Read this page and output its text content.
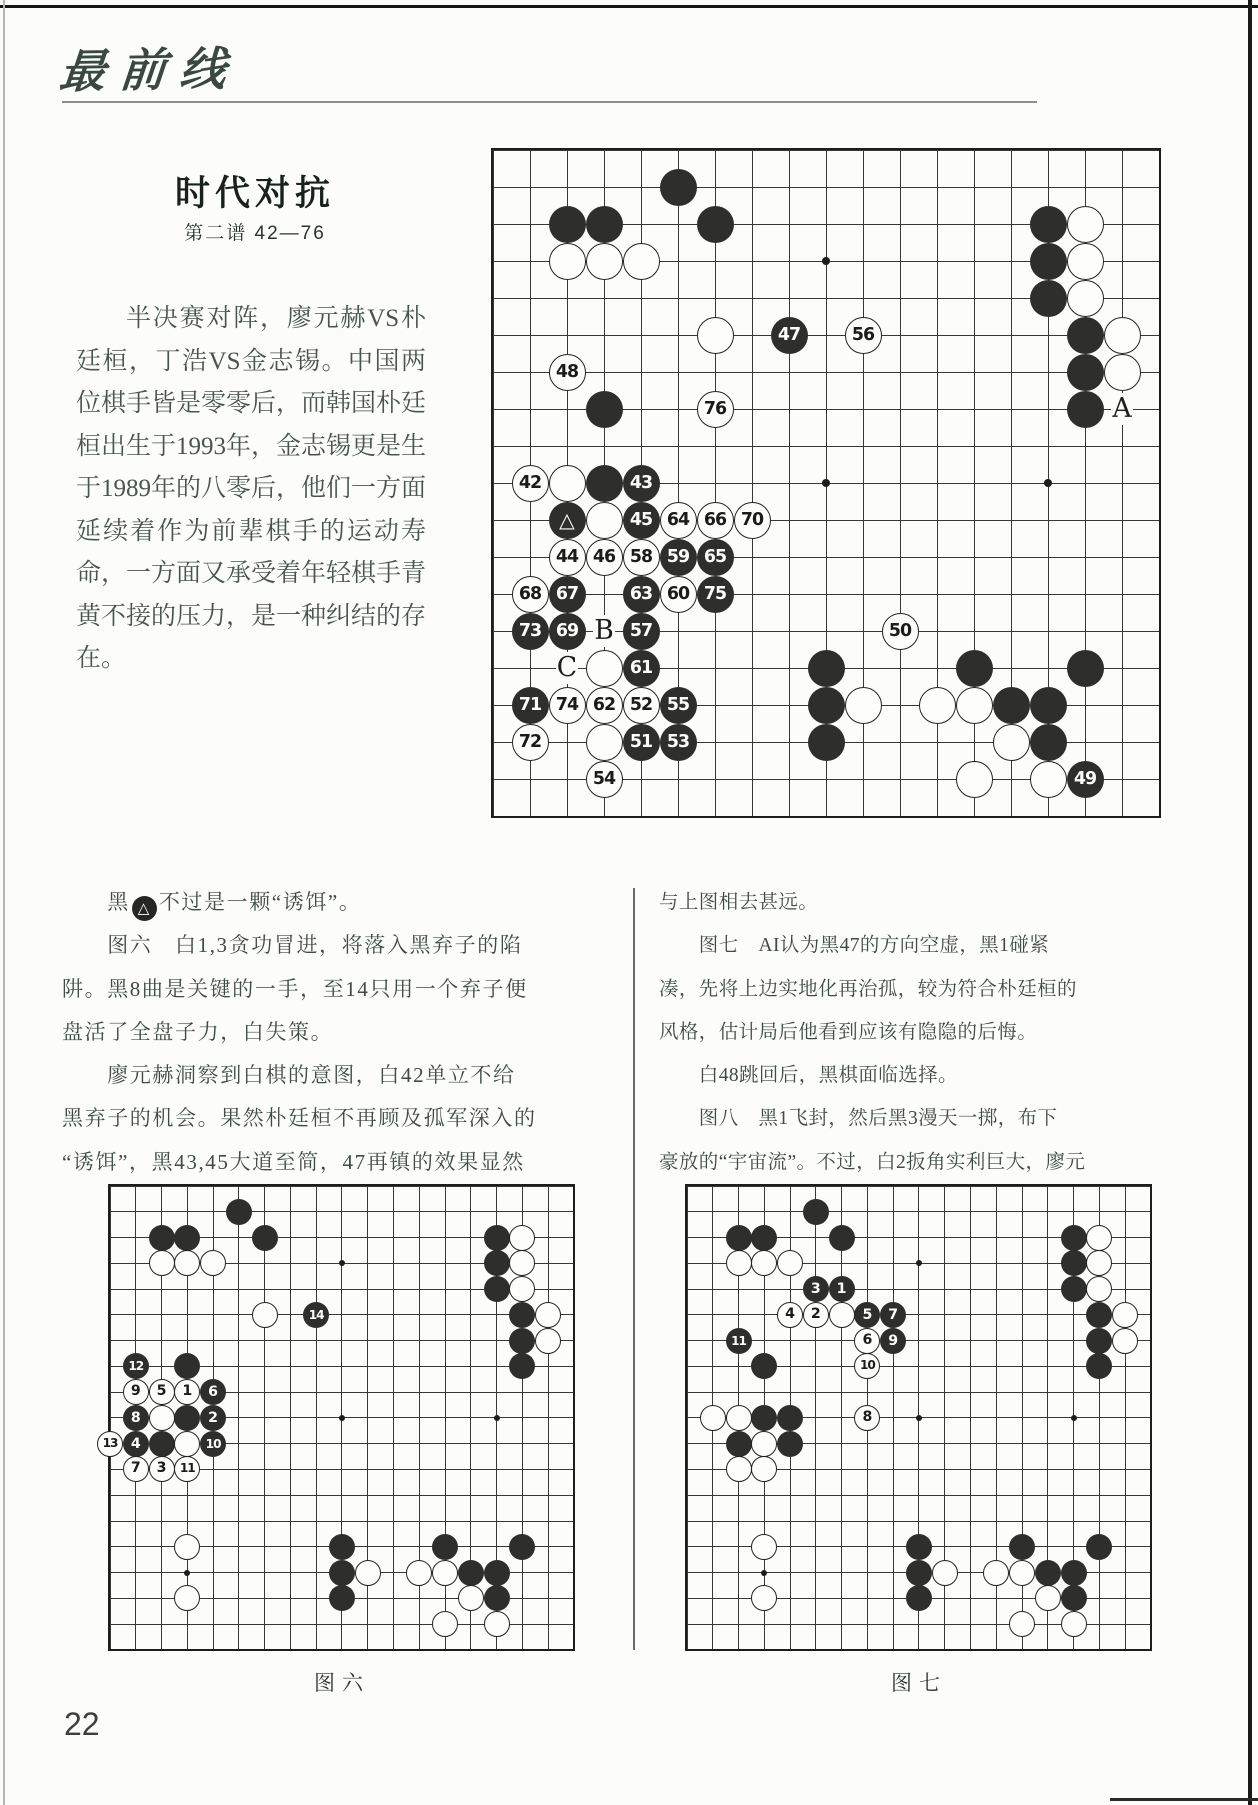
最前线
时代对抗
第二谱 42—76
半决赛对阵，廖元赫VS朴廷桓，丁浩VS金志锡。中国两位棋手皆是零零后，而韩国朴廷桓出生于1993年，金志锡更是生于1989年的八零后，他们一方面延续着作为前辈棋手的运动寿命，一方面又承受着年轻棋手青黄不接的压力，是一种纠结的存在。
△
42	43
44
45
46
47
48
49
50
51
52
53
54
55
56
57
58 59
60
61
62
63
64
65
66
67
68
69
70
71
72
73
74
75
76	A
B
C
　　黑 △ 不过是一颗“诱饵”。
　　图六　白1,3贪功冒进，将落入黑弃子的陷
阱。黑8曲是关键的一手，至14只用一个弃子便
盘活了全盘子力，白失策。
　　廖元赫洞察到白棋的意图，白42单立不给
黑弃子的机会。果然朴廷桓不再顾及孤军深入的
“诱饵”，黑43,45大道至简，47再镇的效果显然
与上图相去甚远。
　　图七　AI认为黑47的方向空虚，黑1碰紧
凑，先将上边实地化再治孤，较为符合朴廷桓的
风格，估计局后他看到应该有隐隐的后悔。
　　白48跳回后，黑棋面临选择。
　　图八　黑1飞封，然后黑3漫天一掷，布下
豪放的“宇宙流”。不过，白2扳角实利巨大，廖元
1
2
3
4
5	6
7
8
9
10
11
12
13
14
1
2
3
4	5
6
7
8
9
10
11
图六	图七
22
